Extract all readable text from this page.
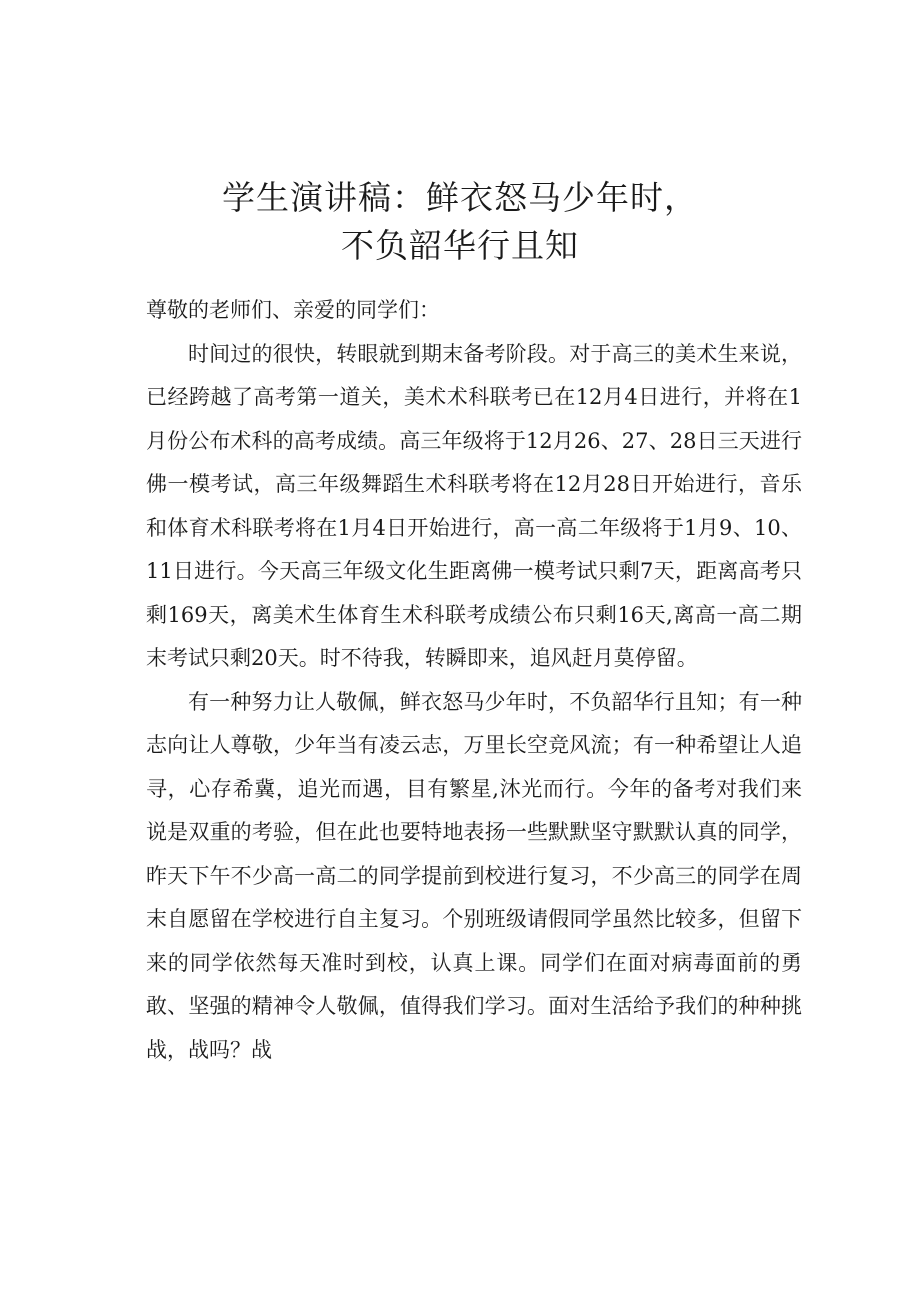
学生演讲稿：鲜衣怒马少年时，
不负韶华行且知

尊敬的老师们、亲爱的同学们：

时间过的很快，转眼就到期末备考阶段。对于高三的美术生来说，已经跨越了高考第一道关，美术术科联考已在12月4日进行，并将在1月份公布术科的高考成绩。高三年级将于12月26、27、28日三天进行佛一模考试，高三年级舞蹈生术科联考将在12月28日开始进行，音乐和体育术科联考将在1月4日开始进行，高一高二年级将于1月9、10、11日进行。今天高三年级文化生距离佛一模考试只剩7天，距离高考只剩169天，离美术生体育生术科联考成绩公布只剩16天,离高一高二期末考试只剩20天。时不待我，转瞬即来，追风赶月莫停留。

有一种努力让人敬佩，鲜衣怒马少年时，不负韶华行且知；有一种志向让人尊敬，少年当有凌云志，万里长空竞风流；有一种希望让人追寻，心存希冀，追光而遇，目有繁星,沐光而行。今年的备考对我们来说是双重的考验，但在此也要特地表扬一些默默坚守默默认真的同学，昨天下午不少高一高二的同学提前到校进行复习，不少高三的同学在周末自愿留在学校进行自主复习。个别班级请假同学虽然比较多，但留下来的同学依然每天准时到校，认真上课。同学们在面对病毒面前的勇敢、坚强的精神令人敬佩，值得我们学习。面对生活给予我们的种种挑战，战吗？战
